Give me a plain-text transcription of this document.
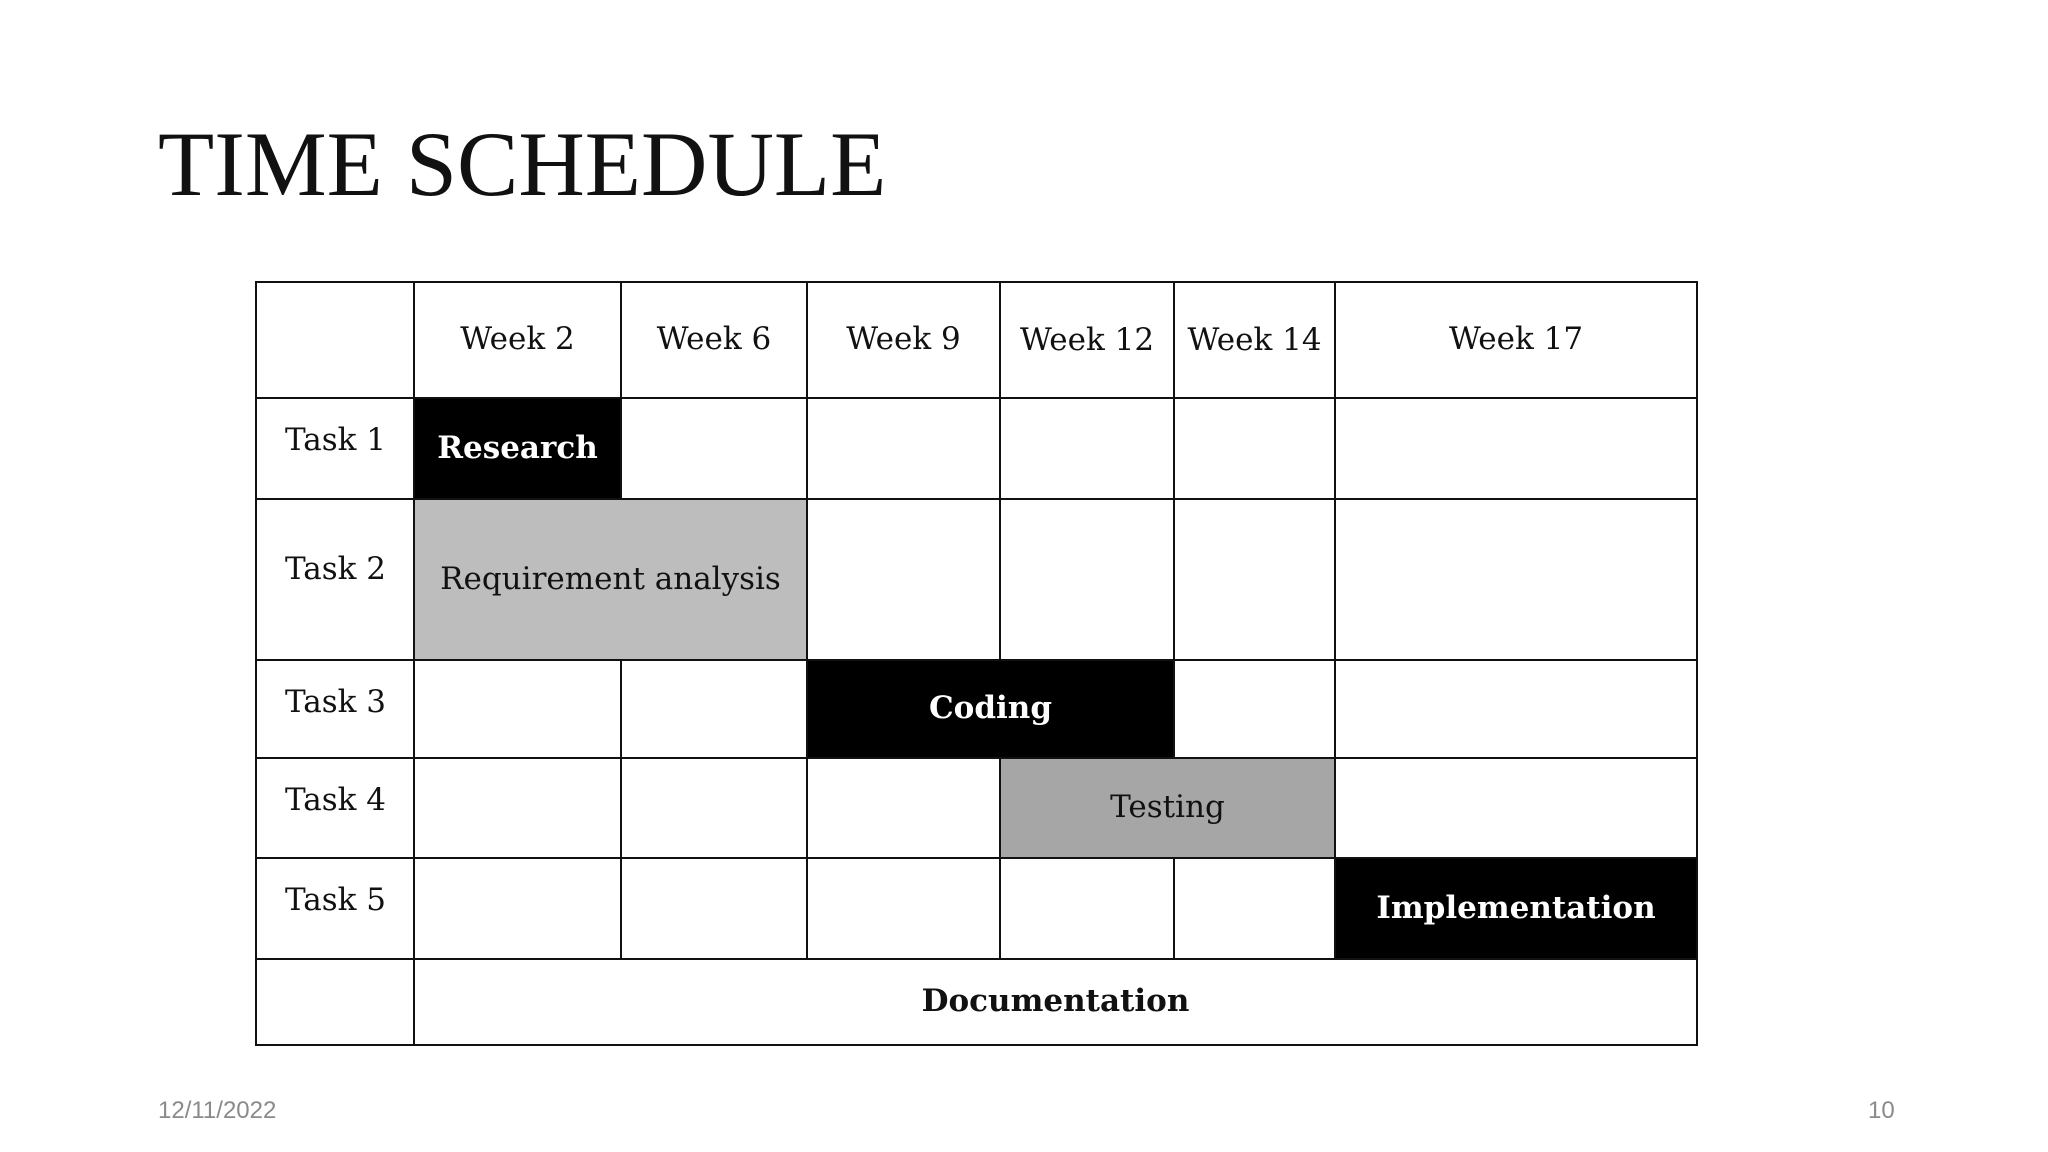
TIME SCHEDULE
	Week 2	Week 6	Week 9	Week 12	Week 14	Week 17
Task 1	Research					
Task 2	Requirement analysis					
Task 3			Coding			
Task 4				Testing		
Task 5						Implementation
	Documentation					
12/11/2022	10
